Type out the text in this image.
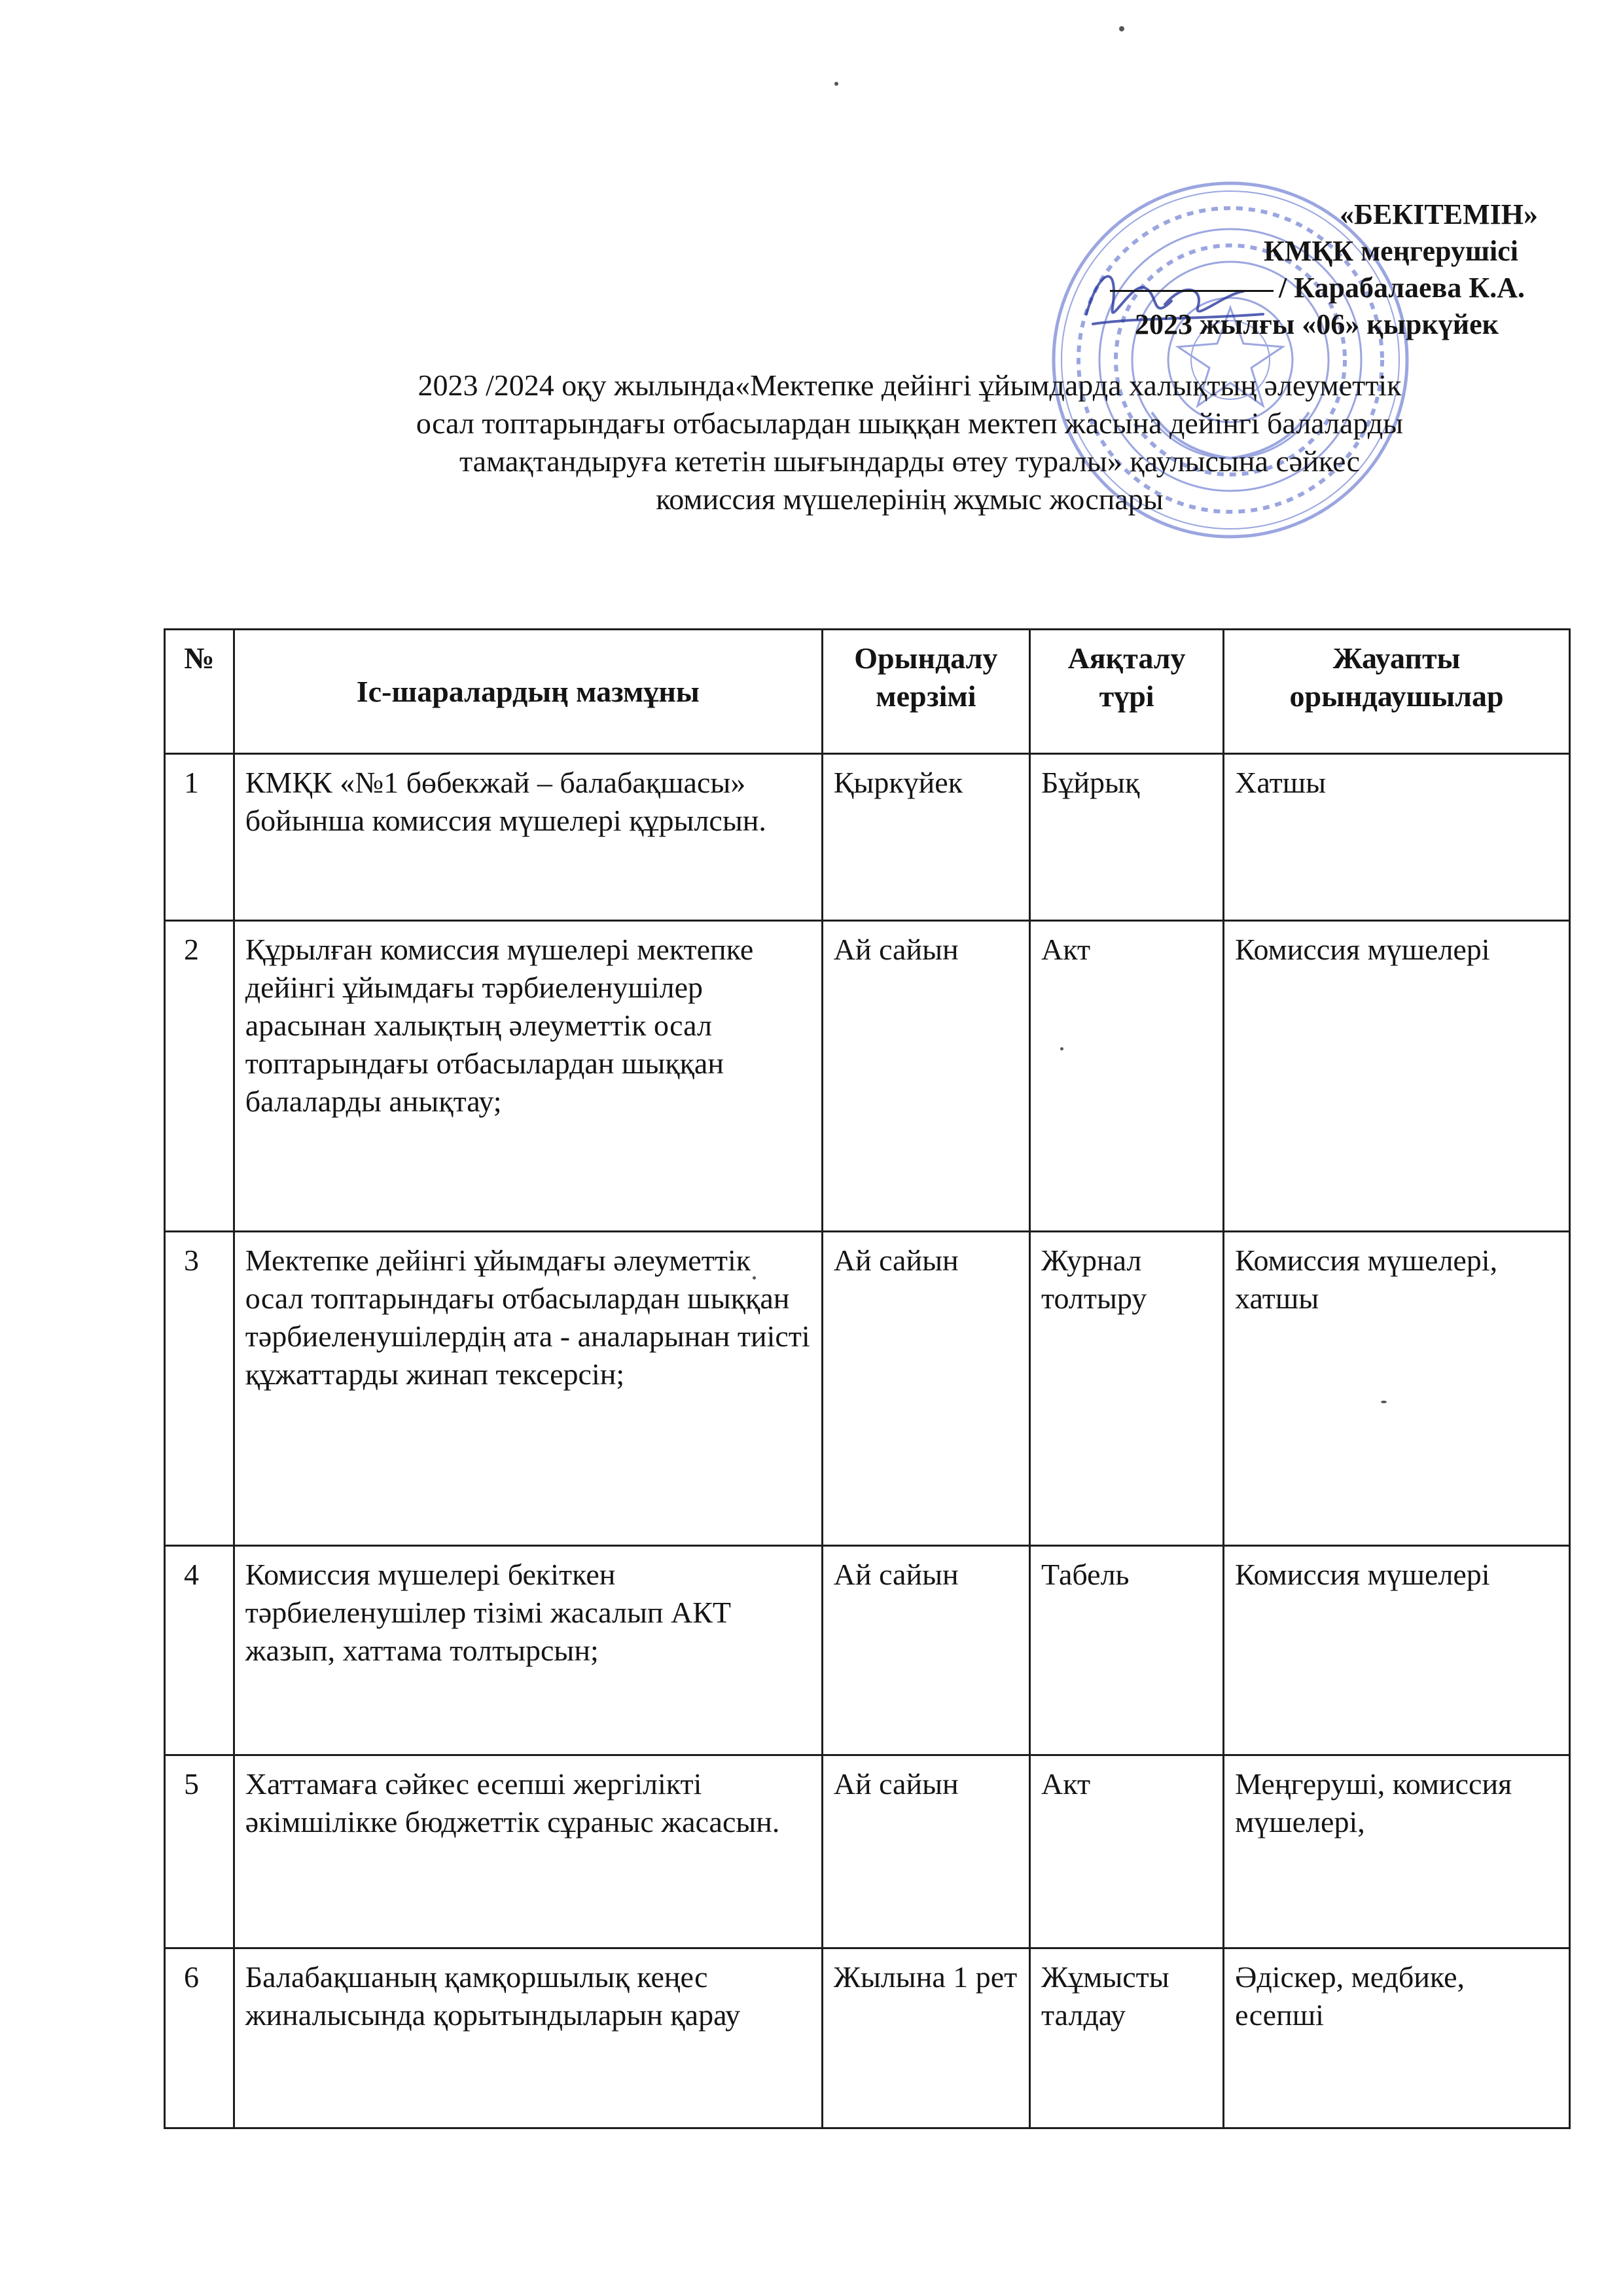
«БЕКІТЕМІН»
КМҚК меңгерушісі
/ Карабалаева К.А.
2023 жылғы «06» қыркүйек
2023 /2024 оқу жылында«Мектепке дейінгі ұйымдарда халықтың әлеуметтік
осал топтарындағы отбасылардан шыққан мектеп жасына дейінгі балаларды
тамақтандыруға кететін шығындарды өтеу туралы» қаулысына сәйкес
комиссия мүшелерінің жұмыс жоспары
№	Іс-шаралардың мазмұны	Орындалу мерзімі	Аяқталу түрі	Жауапты орындаушылар
1	КМҚК «№1 бөбекжай – балабақшасы» бойынша комиссия мүшелері құрылсын.	Қыркүйек	Бұйрық	Хатшы
2	Құрылған комиссия мүшелері мектепке дейінгі ұйымдағы тәрбиеленушілер арасынан халықтың әлеуметтік осал топтарындағы отбасылардан шыққан балаларды анықтау;	Ай сайын	Акт	Комиссия мүшелері
3	Мектепке дейінгі ұйымдағы әлеуметтік осал топтарындағы отбасылардан шыққан тәрбиеленушілердің ата - аналарынан тиісті құжаттарды жинап тексерсін;	Ай сайын	Журнал толтыру	Комиссия мүшелері, хатшы
4	Комиссия мүшелері бекіткен тәрбиеленушілер тізімі жасалып АКТ жазып, хаттама толтырсын;	Ай сайын	Табель	Комиссия мүшелері
5	Хаттамаға сәйкес есепші жергілікті әкімшілікке бюджеттік сұраныс жасасын.	Ай сайын	Акт	Меңгеруші, комиссия мүшелері,
6	Балабақшаның қамқоршылық кеңес жиналысында қорытындыларын қарау	Жылына 1 рет	Жұмысты талдау	Әдіскер, медбике, есепші
